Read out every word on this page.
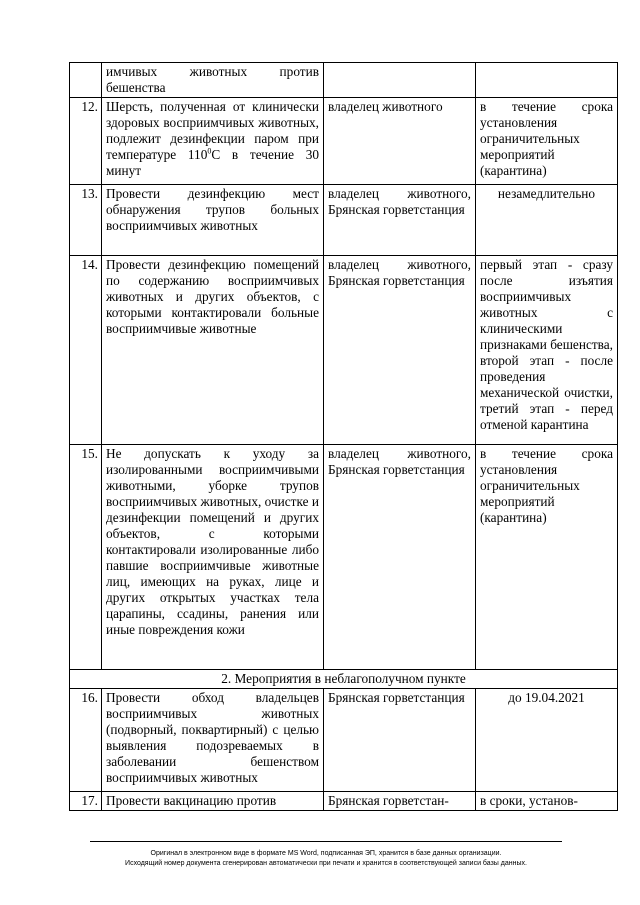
	имчивых животных против бешенства		
12.	Шерсть, полученная от клинически здоровых восприимчивых животных, подлежит дезинфекции паром при температуре $110^0С$ в течение 30 минут	владелец животного	в течение срока установления ограничительных мероприятий (карантина)
13.	Провести дезинфекцию мест обнаружения трупов больных восприимчивых животных	владелец животного, Брянская горветстанция	незамедлительно
14.	Провести дезинфекцию помещений по содержанию восприимчивых животных и других объектов, с которыми контактировали больные восприимчивые животные	владелец животного, Брянская горветстанция	первый этап - сразу после изъятия восприимчивых животных с клиническими признаками бешенства, второй этап - после проведения механической очистки, третий этап - перед отменой карантина
15.	Не допускать к уходу за изолированными восприимчивыми животными, уборке трупов восприимчивых животных, очистке и дезинфекции помещений и других объектов, с которыми контактировали изолированные либо павшие восприимчивые животные лиц, имеющих на руках, лице и других открытых участках тела царапины, ссадины, ранения или иные повреждения кожи	владелец животного, Брянская горветстанция	в течение срока установления ограничительных мероприятий (карантина)
2. Мероприятия в неблагополучном пункте			
16.	Провести обход владельцев восприимчивых животных (подворный, поквартирный) с целью выявления подозреваемых в заболевании бешенством восприимчивых животных	Брянская горветстанция	до 19.04.2021
17.	Провести вакцинацию против	Брянская горветстан-	в сроки, установ-
Оригинал в электронном виде в формате MS Word, подписанная ЭП, хранится в базе данных организации.
Исходящий номер документа сгенерирован автоматически при печати и хранится в соответствующей записи базы данных.
